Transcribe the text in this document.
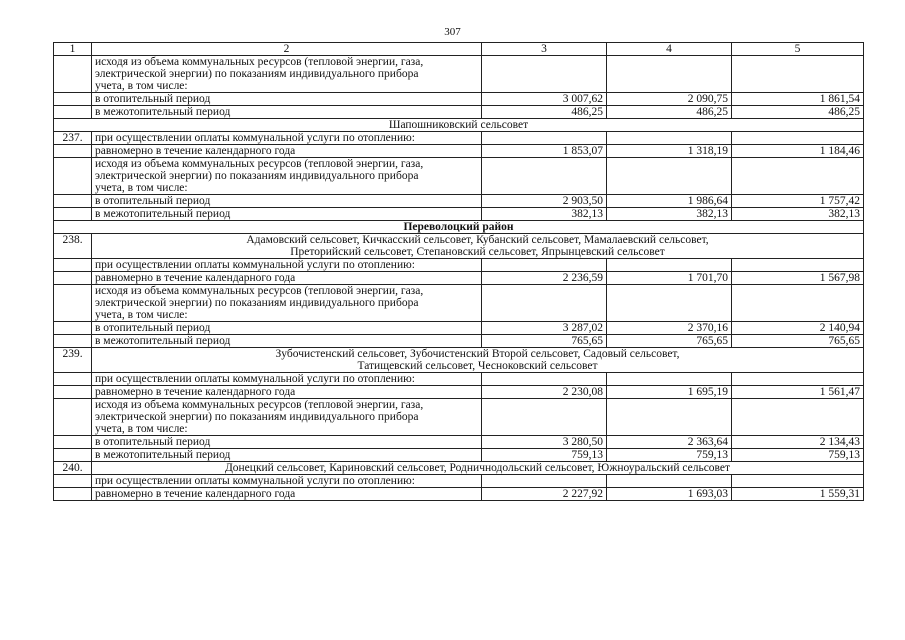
307
1	2	3	4	5

	исходя из объема коммунальных ресурсов (тепловой энергии, газа,
электрической энергии) по показаниям индивидуального прибора
учета, в том числе:			

	в отопительный период	3 007,62	2 090,75	1 861,54
	в межотопительный период	486,25	486,25	486,25
Шапошниковский сельсовет				
237.	при осуществлении оплаты коммунальной услуги по отоплению:			
	равномерно в течение календарного года	1 853,07	1 318,19	1 184,46

	исходя из объема коммунальных ресурсов (тепловой энергии, газа,
электрической энергии) по показаниям индивидуального прибора
учета, в том числе:			

	в отопительный период	2 903,50	1 986,64	1 757,42
	в межотопительный период	382,13	382,13	382,13
Переволоцкий район				
238.	Адамовский сельсовет, Кичкасский сельсовет, Кубанский сельсовет, Мамалаевский сельсовет,
Преторийский сельсовет, Степановский сельсовет, Япрынцевский сельсовет			

	при осуществлении оплаты коммунальной услуги по отоплению:			
	равномерно в течение календарного года	2 236,59	1 701,70	1 567,98

	исходя из объема коммунальных ресурсов (тепловой энергии, газа,
электрической энергии) по показаниям индивидуального прибора
учета, в том числе:			

	в отопительный период	3 287,02	2 370,16	2 140,94
	в межотопительный период	765,65	765,65	765,65
239.	Зубочистенский сельсовет, Зубочистенский Второй сельсовет, Садовый сельсовет,
Татищевский сельсовет, Чесноковский сельсовет			

	при осуществлении оплаты коммунальной услуги по отоплению:			
	равномерно в течение календарного года	2 230,08	1 695,19	1 561,47

	исходя из объема коммунальных ресурсов (тепловой энергии, газа,
электрической энергии) по показаниям индивидуального прибора
учета, в том числе:			

	в отопительный период	3 280,50	2 363,64	2 134,43
	в межотопительный период	759,13	759,13	759,13
240.	Донецкий сельсовет, Кариновский сельсовет, Родничнодольский сельсовет, Южноуральский сельсовет			

	при осуществлении оплаты коммунальной услуги по отоплению:			
	равномерно в течение календарного года	2 227,92	1 693,03	1 559,31
